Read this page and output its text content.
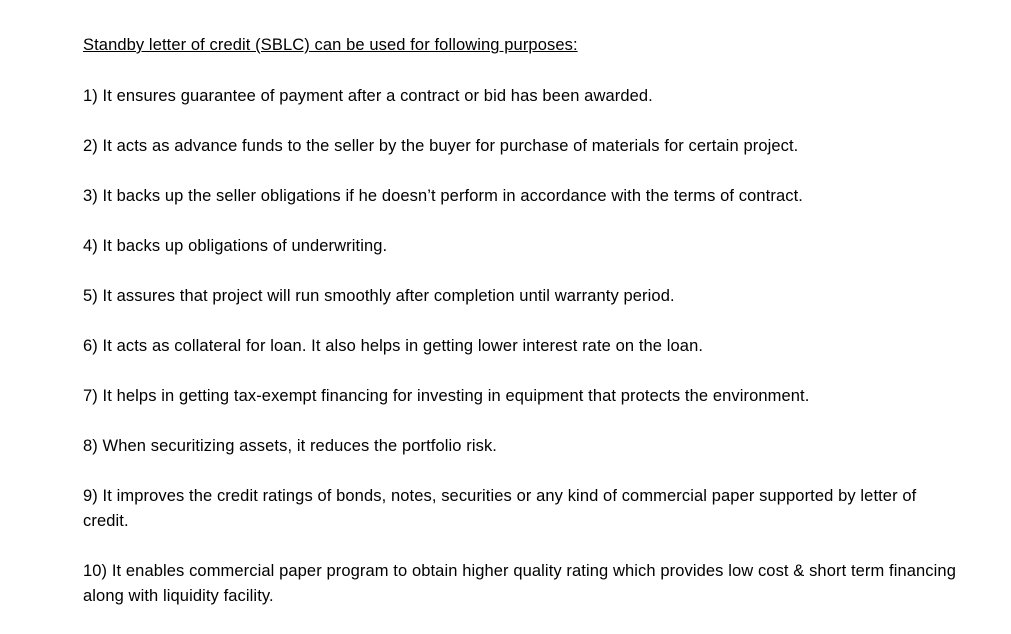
Standby letter of credit (SBLC) can be used for following purposes:
1) It ensures guarantee of payment after a contract or bid has been awarded.
2) It acts as advance funds to the seller by the buyer for purchase of materials for certain project.
3) It backs up the seller obligations if he doesn’t perform in accordance with the terms of contract.
4) It backs up obligations of underwriting.
5) It assures that project will run smoothly after completion until warranty period.
6) It acts as collateral for loan. It also helps in getting lower interest rate on the loan.
7) It helps in getting tax-exempt financing for investing in equipment that protects the environment.
8) When securitizing assets, it reduces the portfolio risk.
9) It improves the credit ratings of bonds, notes, securities or any kind of commercial paper supported by letter of credit.
10) It enables commercial paper program to obtain higher quality rating which provides low cost & short term financing along with liquidity facility.
